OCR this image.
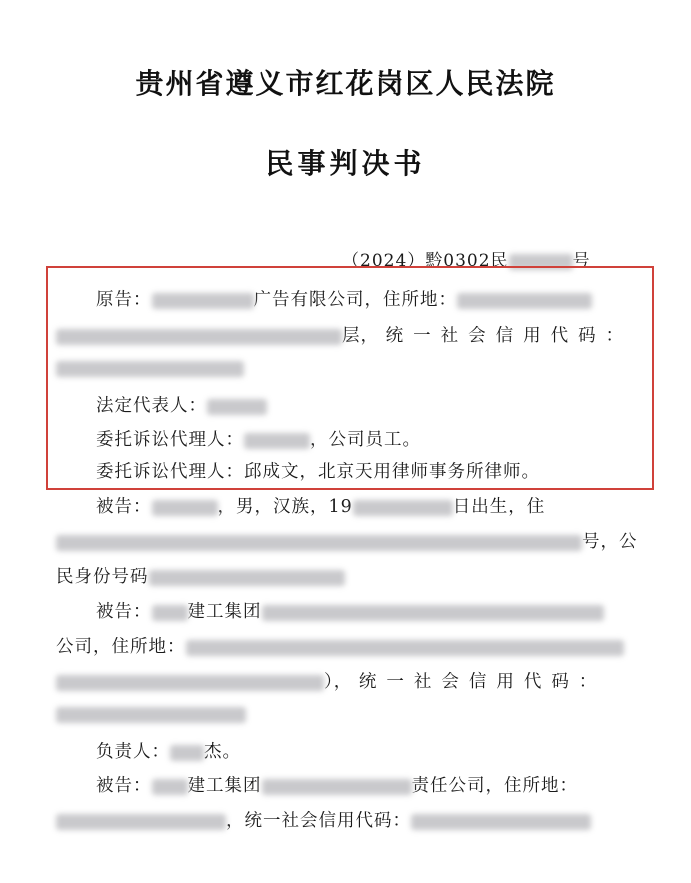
贵州省遵义市红花岗区人民法院
民事判决书
（2024）黔0302民	号
原告：	广告有限公司，住所地：
层， 统一社会信用代码：
法定代表人：
委托诉讼代理人：	，公司员工。
委托诉讼代理人：邱成文，北京天用律师事务所律师。
被告：	，男，汉族，19	日出生，住
号，公
民身份号码
被告： 建工集团
公司，住所地：
）， 统一社会信用代码：
负责人： 杰。
被告： 建工集团	责任公司，住所地：
，统一社会信用代码：
